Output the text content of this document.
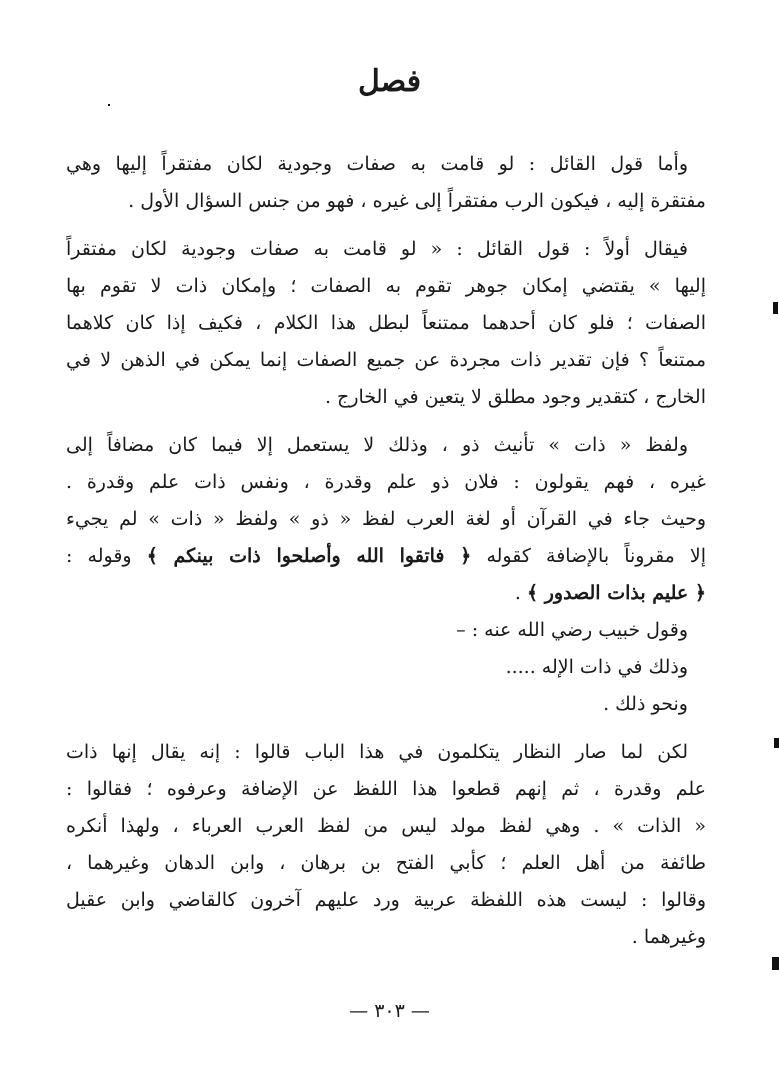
فصل
وأما قول القائل : لو قامت به صفات وجودية لكان مفتقراً إليها وهي
مفتقرة إليه ، فيكون الرب مفتقراً إلى غيره ، فهو من جنس السؤال الأول .
فيقال أولاً : قول القائل : « لو قامت به صفات وجودية لكان مفتقراً
إليها » يقتضي إمكان جوهر تقوم به الصفات ؛ وإمكان ذات لا تقوم بها
الصفات ؛ فلو كان أحدهما ممتنعاً لبطل هذا الكلام ، فكيف إذا كان كلاهما
ممتنعاً ؟ فإن تقدير ذات مجردة عن جميع الصفات إنما يمكن في الذهن لا في
الخارج ، كتقدير وجود مطلق لا يتعين في الخارج .
ولفظ « ذات » تأنيث ذو ، وذلك لا يستعمل إلا فيما كان مضافاً إلى
غيره ، فهم يقولون : فلان ذو علم وقدرة ، ونفس ذات علم وقدرة .
وحيث جاء في القرآن أو لغة العرب لفظ « ذو » ولفظ « ذات » لم يجيء
إلا مقروناً بالإضافة كقوله ﴿ فاتقوا الله وأصلحوا ذات بينكم ﴾ وقوله :
﴿ عليم بذات الصدور ﴾ .
وقول خبيب رضي الله عنه : –
وذلك في ذات الإله .....
ونحو ذلك .
لكن لما صار النظار يتكلمون في هذا الباب قالوا : إنه يقال إنها ذات
علم وقدرة ، ثم إنهم قطعوا هذا اللفظ عن الإضافة وعرفوه ؛ فقالوا :
« الذات » . وهي لفظ مولد ليس من لفظ العرب العرباء ، ولهذا أنكره
طائفة من أهل العلم ؛ كأبي الفتح بن برهان ، وابن الدهان وغيرهما ،
وقالوا : ليست هذه اللفظة عربية ورد عليهم آخرون كالقاضي وابن عقيل
وغيرهما .
— ٣٠٣ —
